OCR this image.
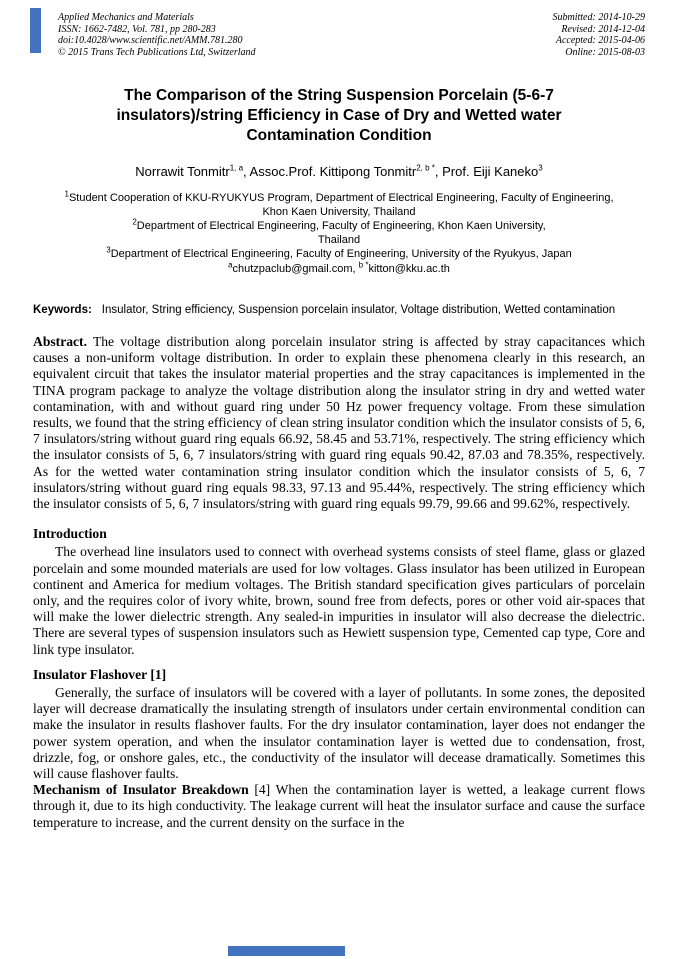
Applied Mechanics and Materials
ISSN: 1662-7482, Vol. 781, pp 280-283
doi:10.4028/www.scientific.net/AMM.781.280
© 2015 Trans Tech Publications Ltd, Switzerland
Submitted: 2014-10-29
Revised: 2014-12-04
Accepted: 2015-04-06
Online: 2015-08-03
The Comparison of the String Suspension Porcelain (5-6-7 insulators)/string Efficiency in Case of Dry and Wetted water Contamination Condition
Norrawit Tonmitr$^{1, a}$, Assoc.Prof. Kittipong Tonmitr$^{2, b *}$, Prof. Eiji Kaneko$^3$
$^1$Student Cooperation of KKU-RYUKYUS Program, Department of Electrical Engineering, Faculty of Engineering, Khon Kaen University, Thailand
$^2$Department of Electrical Engineering, Faculty of Engineering, Khon Kaen University, Thailand
$^3$Department of Electrical Engineering, Faculty of Engineering, University of the Ryukyus, Japan
$^a$chutzpaclub@gmail.com, $^{b *}$kitton@kku.ac.th

Keywords: Insulator, String efficiency, Suspension porcelain insulator, Voltage distribution, Wetted contamination

Abstract. The voltage distribution along porcelain insulator string is affected by stray capacitances which causes a non-uniform voltage distribution. In order to explain these phenomena clearly in this research, an equivalent circuit that takes the insulator material properties and the stray capacitances is implemented in the TINA program package to analyze the voltage distribution along the insulator string in dry and wetted water contamination, with and without guard ring under 50 Hz power frequency voltage. From these simulation results, we found that the string efficiency of clean string insulator condition which the insulator consists of 5, 6, 7 insulators/string without guard ring equals 66.92, 58.45 and 53.71%, respectively. The string efficiency which the insulator consists of 5, 6, 7 insulators/string with guard ring equals 90.42, 87.03 and 78.35%, respectively. As for the wetted water contamination string insulator condition which the insulator consists of 5, 6, 7 insulators/string without guard ring equals 98.33, 97.13 and 95.44%, respectively. The string efficiency which the insulator consists of 5, 6, 7 insulators/string with guard ring equals 99.79, 99.66 and 99.62%, respectively.

Introduction

The overhead line insulators used to connect with overhead systems consists of steel flame, glass or glazed porcelain and some mounded materials are used for low voltages. Glass insulator has been utilized in European continent and America for medium voltages. The British standard specification gives particulars of porcelain only, and the requires color of ivory white, brown, sound free from defects, pores or other void air-spaces that will make the lower dielectric strength. Any sealed-in impurities in insulator will also decrease the dielectric. There are several types of suspension insulators such as Hewiett suspension type, Cemented cap type, Core and link type insulator.

Insulator Flashover [1]

Generally, the surface of insulators will be covered with a layer of pollutants. In some zones, the deposited layer will decrease dramatically the insulating strength of insulators under certain environmental condition can make the insulator in results flashover faults. For the dry insulator contamination, layer does not endanger the power system operation, and when the insulator contamination layer is wetted due to condensation, frost, drizzle, fog, or onshore gales, etc., the conductivity of the insulator will decease dramatically. Sometimes this will cause flashover faults.

Mechanism of Insulator Breakdown [4] When the contamination layer is wetted, a leakage current flows through it, due to its high conductivity. The leakage current will heat the insulator surface and cause the surface temperature to increase, and the current density on the surface in the
